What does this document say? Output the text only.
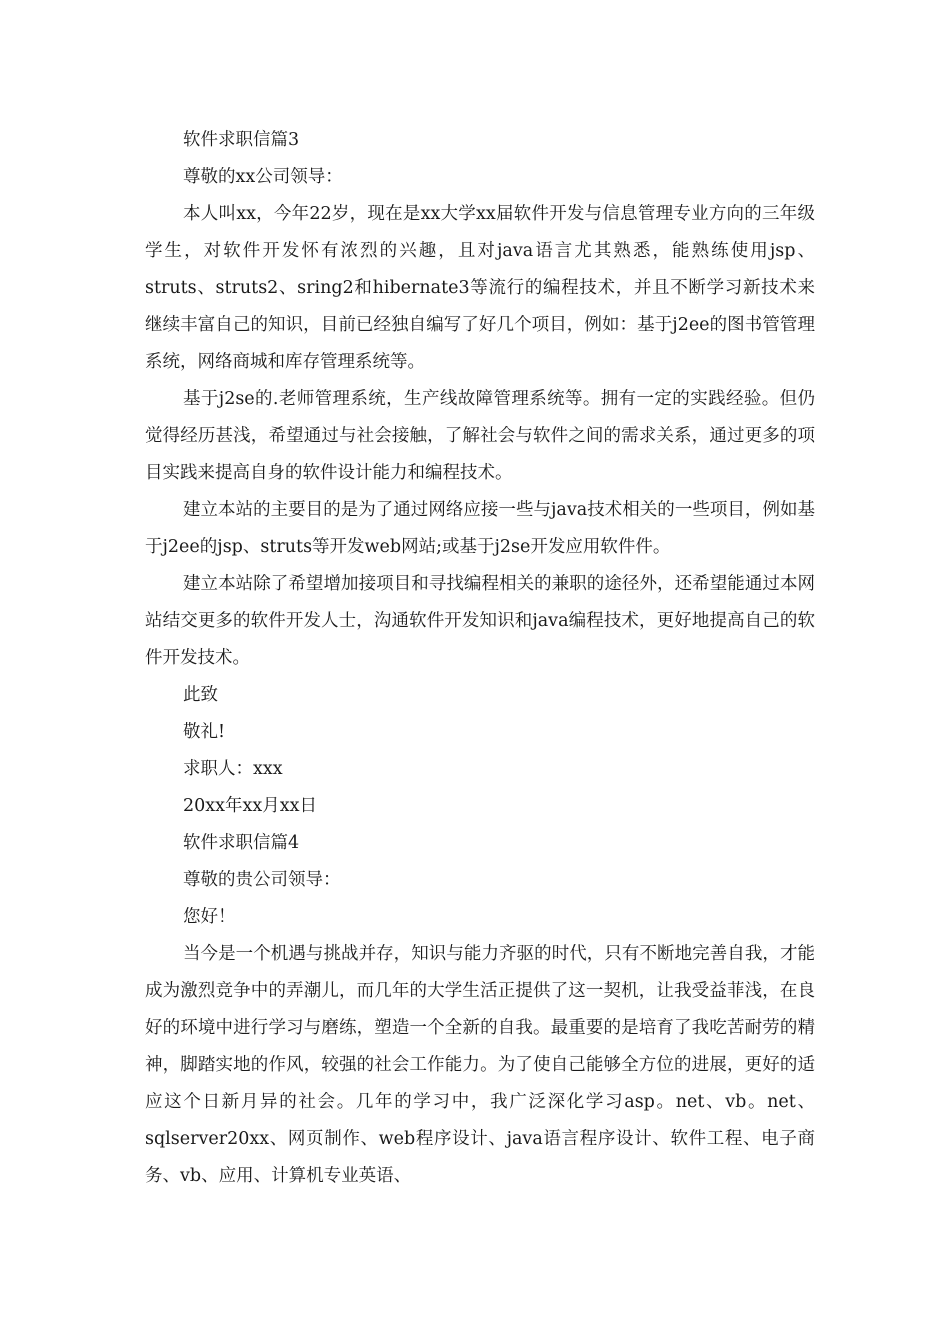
软件求职信篇3

尊敬的xx公司领导：

本人叫xx，今年22岁，现在是xx大学xx届软件开发与信息管理专业方向的三年级学生，对软件开发怀有浓烈的兴趣，且对java语言尤其熟悉，能熟练使用jsp、struts、struts2、sring2和hibernate3等流行的编程技术，并且不断学习新技术来继续丰富自己的知识，目前已经独自编写了好几个项目，例如：基于j2ee的图书管管理系统，网络商城和库存管理系统等。

基于j2se的.老师管理系统，生产线故障管理系统等。拥有一定的实践经验。但仍觉得经历甚浅，希望通过与社会接触，了解社会与软件之间的需求关系，通过更多的项目实践来提高自身的软件设计能力和编程技术。

建立本站的主要目的是为了通过网络应接一些与java技术相关的一些项目，例如基于j2ee的jsp、struts等开发web网站;或基于j2se开发应用软件件。

建立本站除了希望增加接项目和寻找编程相关的兼职的途径外，还希望能通过本网站结交更多的软件开发人士，沟通软件开发知识和java编程技术，更好地提高自己的软件开发技术。

此致

敬礼!

求职人：xxx

20xx年xx月xx日

软件求职信篇4

尊敬的贵公司领导：

您好！

当今是一个机遇与挑战并存，知识与能力齐驱的时代，只有不断地完善自我，才能成为激烈竞争中的弄潮儿，而几年的大学生活正提供了这一契机，让我受益菲浅，在良好的环境中进行学习与磨练，塑造一个全新的自我。最重要的是培育了我吃苦耐劳的精神，脚踏实地的作风，较强的社会工作能力。为了使自己能够全方位的进展，更好的适应这个日新月异的社会。几年的学习中，我广泛深化学习asp。net、vb。net、sqlserver20xx、网页制作、web程序设计、java语言程序设计、软件工程、电子商务、vb、应用、计算机专业英语、
